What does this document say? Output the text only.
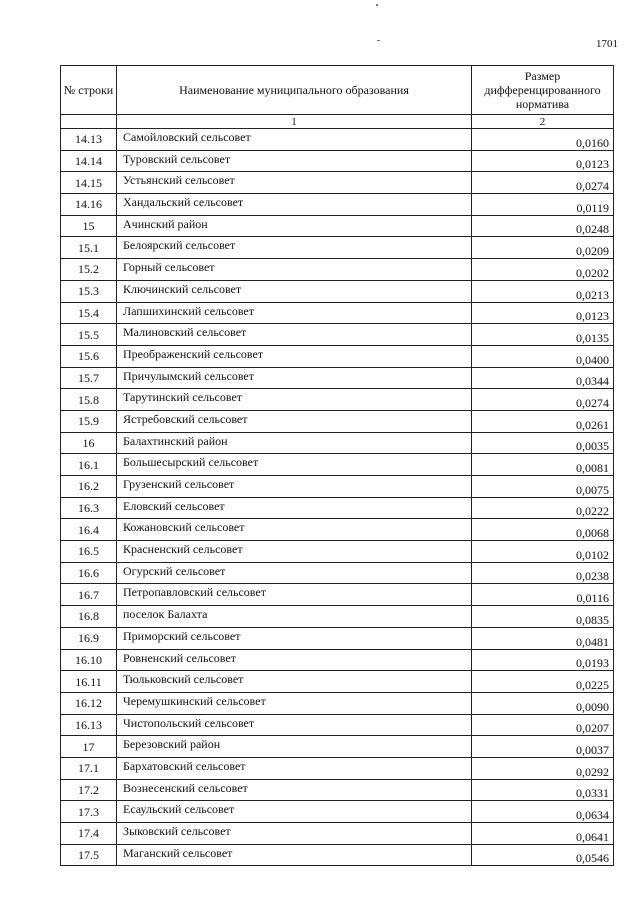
1701
№ строки	Наименование муниципального образования	Размер дифференцированного норматива
	1	2
14.13	Самойловский сельсовет	0,0160
14.14	Туровский сельсовет	0,0123
14.15	Устьянский сельсовет	0,0274
14.16	Хандальский сельсовет	0,0119
15	Ачинский район	0,0248
15.1	Белоярский сельсовет	0,0209
15.2	Горный сельсовет	0,0202
15.3	Ключинский сельсовет	0,0213
15.4	Лапшихинский сельсовет	0,0123
15.5	Малиновский сельсовет	0,0135
15.6	Преображенский сельсовет	0,0400
15.7	Причулымский сельсовет	0,0344
15.8	Тарутинский сельсовет	0,0274
15.9	Ястребовский сельсовет	0,0261
16	Балахтинский район	0,0035
16.1	Большесырский сельсовет	0,0081
16.2	Грузенский сельсовет	0,0075
16.3	Еловский сельсовет	0,0222
16.4	Кожановский сельсовет	0,0068
16.5	Красненский сельсовет	0,0102
16.6	Огурский сельсовет	0,0238
16.7	Петропавловский сельсовет	0,0116
16.8	поселок Балахта	0,0835
16.9	Приморский сельсовет	0,0481
16.10	Ровненский сельсовет	0,0193
16.11	Тюльковский сельсовет	0,0225
16.12	Черемушкинский сельсовет	0,0090
16.13	Чистопольский сельсовет	0,0207
17	Березовский район	0,0037
17.1	Бархатовский сельсовет	0,0292
17.2	Вознесенский сельсовет	0,0331
17.3	Есаульский сельсовет	0,0634
17.4	Зыковский сельсовет	0,0641
17.5	Маганский сельсовет	0,0546
